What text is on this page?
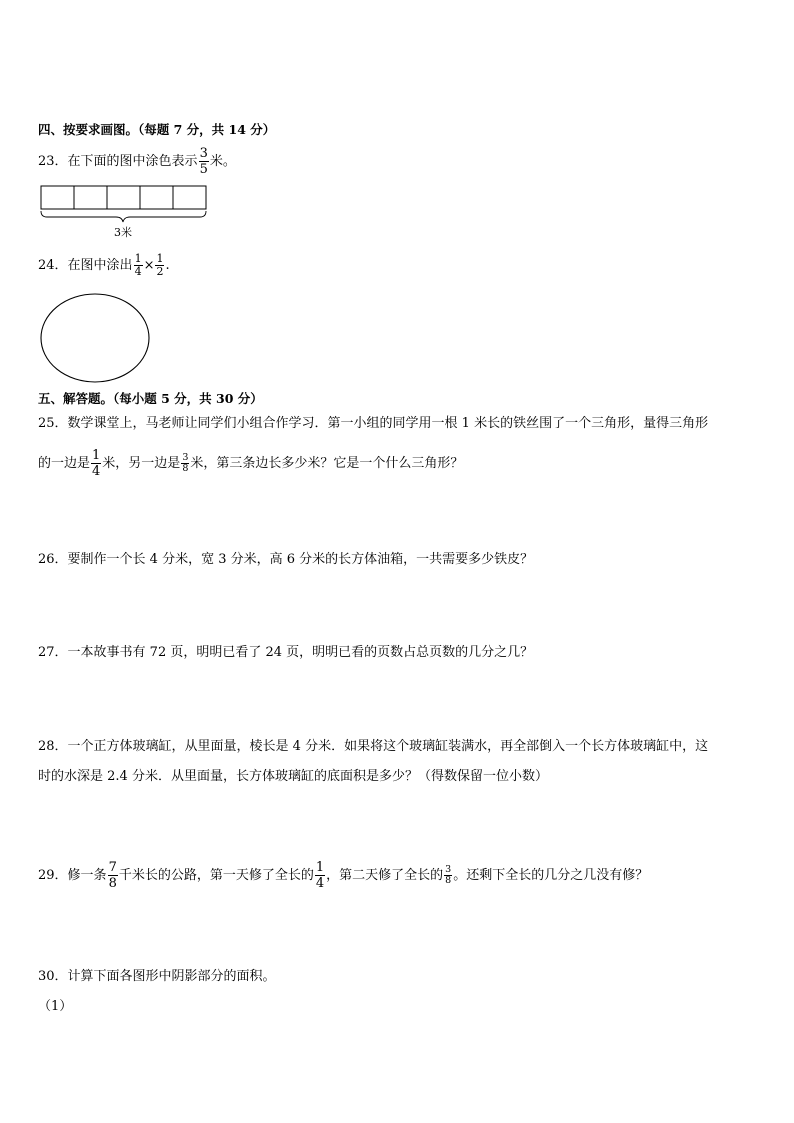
四、按要求画图。（每题 7 分，共 14 分）
23．在下面的图中涂色表示 $\frac{3}{5}$ 米。
3米
24．在图中涂出 $\frac{1}{4} \times \frac{1}{2}$ .
五、解答题。（每小题 5 分，共 30 分）
25．数学课堂上，马老师让同学们小组合作学习．第一小组的同学用一根 1 米长的铁丝围了一个三角形，量得三角形
的一边是 $\frac{1}{4}$ 米，另一边是 $\frac{3}{8}$ 米，第三条边长多少米？它是一个什么三角形？
26．要制作一个长 4 分米，宽 3 分米，高 6 分米的长方体油箱，一共需要多少铁皮？
27．一本故事书有 72 页，明明已看了 24 页，明明已看的页数占总页数的几分之几？
28．一个正方体玻璃缸，从里面量，棱长是 4 分米．如果将这个玻璃缸装满水，再全部倒入一个长方体玻璃缸中，这
时的水深是 2.4 分米．从里面量，长方体玻璃缸的底面积是多少？（得数保留一位小数）
29．修一条 $\frac{7}{8}$ 千米长的公路，第一天修了全长的 $\frac{1}{4}$ ，第二天修了全长的 $\frac{3}{8}$ 。还剩下全长的几分之几没有修？
30．计算下面各图形中阴影部分的面积。
（1）
